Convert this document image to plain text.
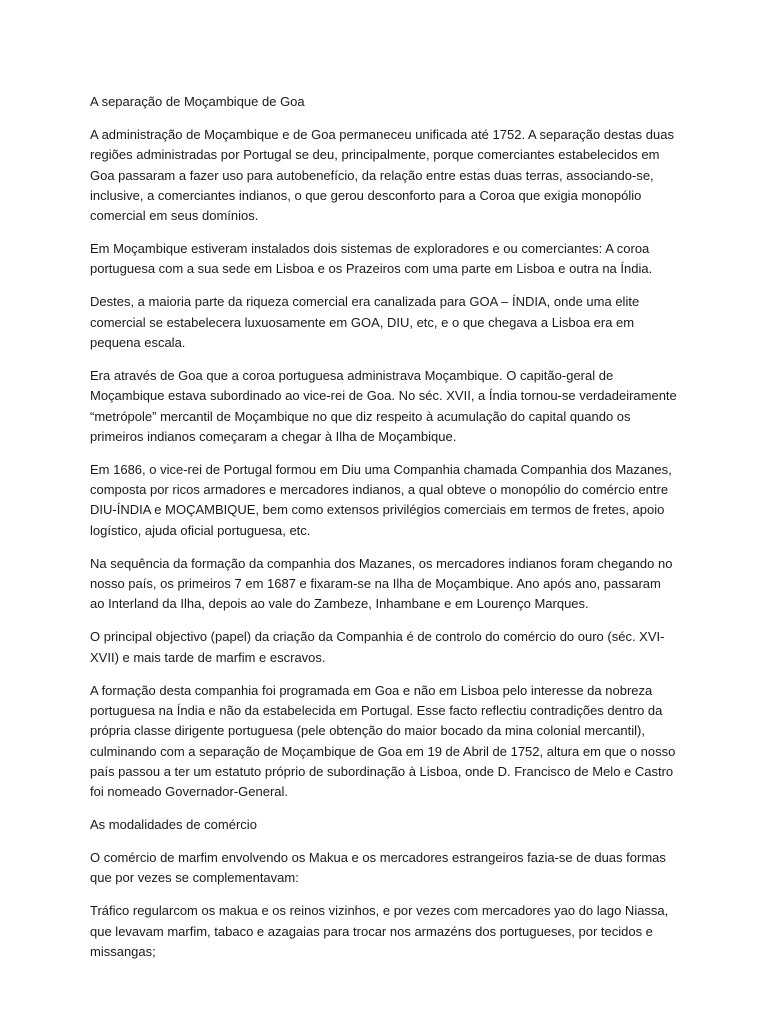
A separação de Moçambique de Goa

A administração de Moçambique e de Goa permaneceu unificada até 1752. A separação destas duas regiões administradas por Portugal se deu, principalmente, porque comerciantes estabelecidos em Goa passaram a fazer uso para autobenefício, da relação entre estas duas terras, associando-se, inclusive, a comerciantes indianos, o que gerou desconforto para a Coroa que exigia monopólio comercial em seus domínios.

Em Moçambique estiveram instalados dois sistemas de exploradores e ou comerciantes: A coroa portuguesa com a sua sede em Lisboa e os Prazeiros com uma parte em Lisboa e outra na Índia.

Destes, a maioria parte da riqueza comercial era canalizada para GOA – ÍNDIA, onde uma elite comercial se estabelecera luxuosamente em GOA, DIU, etc, e o que chegava a Lisboa era em pequena escala.

Era através de Goa que a coroa portuguesa administrava Moçambique. O capitão-geral de Moçambique estava subordinado ao vice-rei de Goa. No séc. XVII, a Índia tornou-se verdadeiramente “metrópole” mercantil de Moçambique no que diz respeito à acumulação do capital quando os primeiros indianos começaram a chegar à Ilha de Moçambique.

Em 1686, o vice-rei de Portugal formou em Diu uma Companhia chamada Companhia dos Mazanes, composta por ricos armadores e mercadores indianos, a qual obteve o monopólio do comércio entre DIU-ÍNDIA e MOÇAMBIQUE, bem como extensos privilégios comerciais em termos de fretes, apoio logístico, ajuda oficial portuguesa, etc.

Na sequência da formação da companhia dos Mazanes, os mercadores indianos foram chegando no nosso país, os primeiros 7 em 1687 e fixaram-se na Ilha de Moçambique. Ano após ano, passaram ao Interland da Ilha, depois ao vale do Zambeze, Inhambane e em Lourenço Marques.

O principal objectivo (papel) da criação da Companhia é de controlo do comércio do ouro (séc. XVI-XVII) e mais tarde de marfim e escravos.

A formação desta companhia foi programada em Goa e não em Lisboa pelo interesse da nobreza portuguesa na Índia e não da estabelecida em Portugal. Esse facto reflectiu contradições dentro da própria classe dirigente portuguesa (pele obtenção do maior bocado da mina colonial mercantil), culminando com a separação de Moçambique de Goa em 19 de Abril de 1752, altura em que o nosso país passou a ter um estatuto próprio de subordinação à Lisboa, onde D. Francisco de Melo e Castro foi nomeado Governador-General.

As modalidades de comércio

O comércio de marfim envolvendo os Makua e os mercadores estrangeiros fazia-se de duas formas que por vezes se complementavam:

Tráfico regularcom os makua e os reinos vizinhos, e por vezes com mercadores yao do lago Niassa, que levavam marfim, tabaco e azagaias para trocar nos armazéns dos portugueses, por tecidos e missangas;
